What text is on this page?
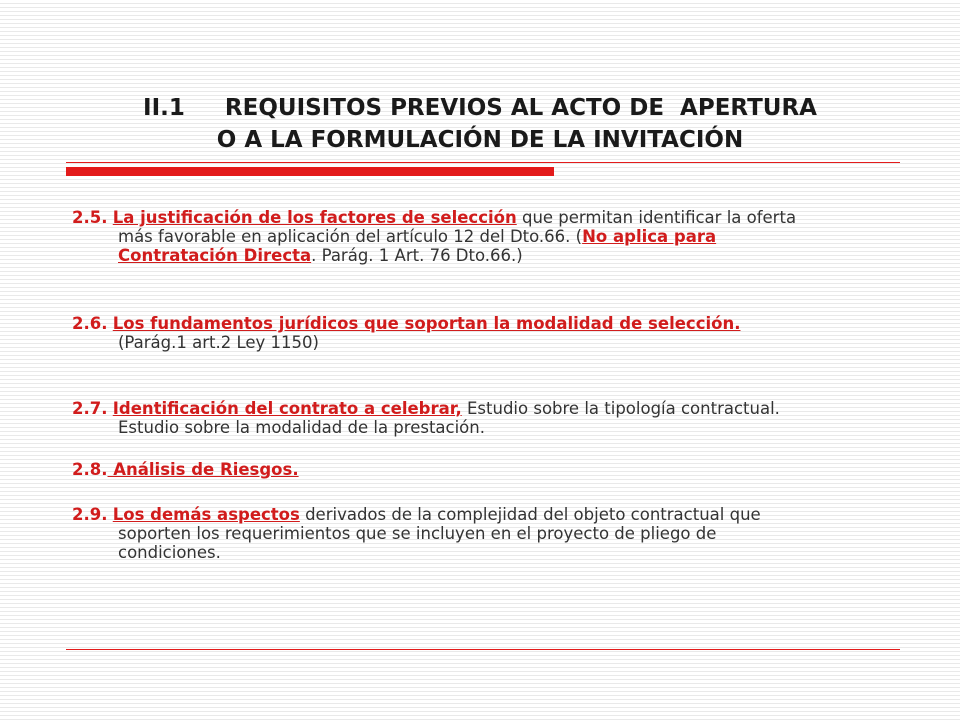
II.1     REQUISITOS PREVIOS AL ACTO DE  APERTURA
O A LA FORMULACIÓN DE LA INVITACIÓN
2.5. La justificación de los factores de selección que permitan identificar la oferta
más favorable en aplicación del artículo 12 del Dto.66. (No aplica para
Contratación Directa. Parág. 1 Art. 76 Dto.66.)
2.6. Los fundamentos jurídicos que soportan la modalidad de selección.
(Parág.1 art.2 Ley 1150)
2.7. Identificación del contrato a celebrar, Estudio sobre la tipología contractual.
Estudio sobre la modalidad de la prestación.
2.8. Análisis de Riesgos.
2.9. Los demás aspectos derivados de la complejidad del objeto contractual que
soporten los requerimientos que se incluyen en el proyecto de pliego de
condiciones.
